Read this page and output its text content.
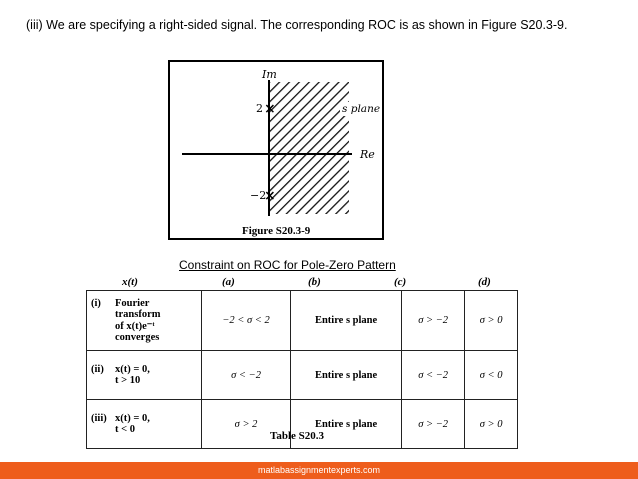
(iii) We are specifying a right-sided signal. The corresponding ROC is as shown in Figure S20.3-9.
Im
Re
s plane
2 ×
−2
×
Figure S20.3-9
Constraint on ROC for Pole-Zero Pattern
x(t)	(a)	(b)	(c)	(d)
(i) Fourier
transform
of x(t)e⁻ᵗ
converges	−2 < σ < 2	Entire s plane	σ > −2	σ > 0
(ii) x(t) = 0,
t > 10	σ < −2	Entire s plane	σ < −2	σ < 0
(iii) x(t) = 0,
t < 0	σ > 2	Entire s plane	σ > −2	σ > 0
Table S20.3
matlabassignmentexperts.com
